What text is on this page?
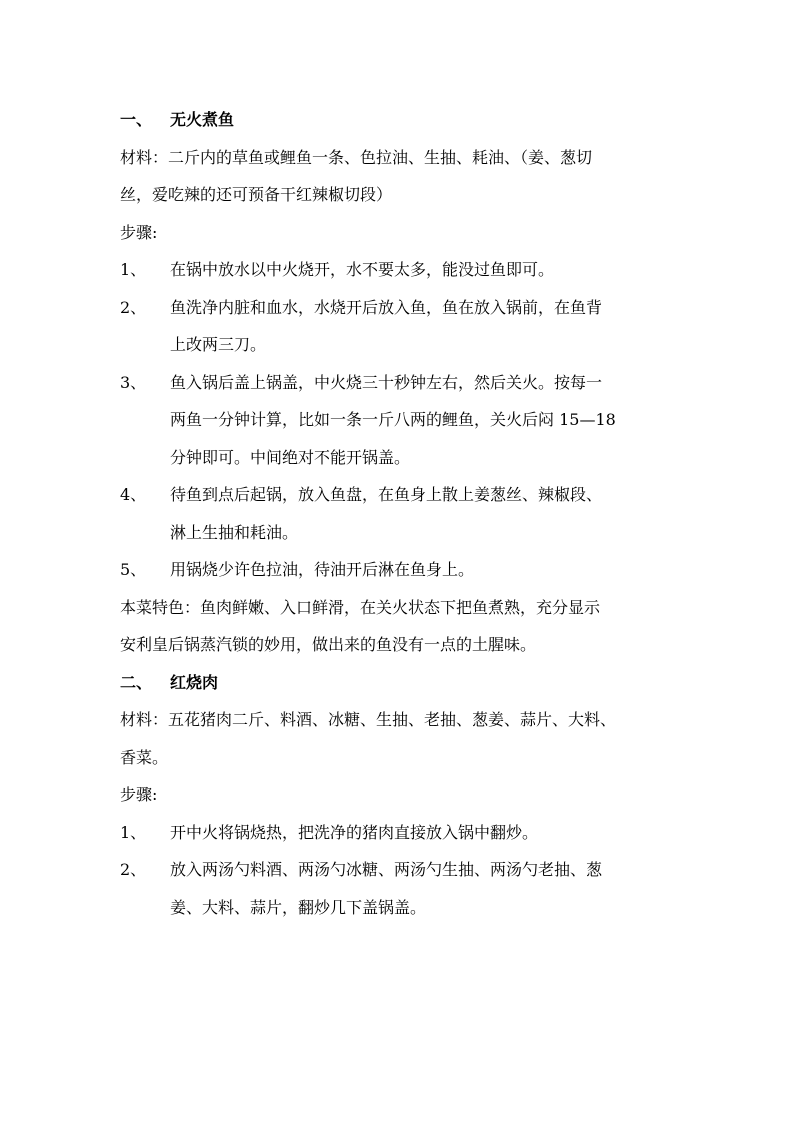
一、 无火煮鱼
材料：二斤内的草鱼或鲤鱼一条、色拉油、生抽、耗油、（姜、葱切
丝，爱吃辣的还可预备干红辣椒切段）
步骤:
1、	在锅中放水以中火烧开，水不要太多，能没过鱼即可。
2、	鱼洗净内脏和血水，水烧开后放入鱼，鱼在放入锅前，在鱼背
上改两三刀。
3、	鱼入锅后盖上锅盖，中火烧三十秒钟左右，然后关火。按每一
两鱼一分钟计算，比如一条一斤八两的鲤鱼，关火后闷 15—18
分钟即可。中间绝对不能开锅盖。
4、	待鱼到点后起锅，放入鱼盘，在鱼身上散上姜葱丝、辣椒段、
淋上生抽和耗油。
5、	用锅烧少许色拉油，待油开后淋在鱼身上。
本菜特色：鱼肉鲜嫩、入口鲜滑，在关火状态下把鱼煮熟，充分显示
安利皇后锅蒸汽锁的妙用，做出来的鱼没有一点的土腥味。
二、 红烧肉
材料：五花猪肉二斤、料酒、冰糖、生抽、老抽、葱姜、蒜片、大料、
香菜。
步骤:
1、	开中火将锅烧热，把洗净的猪肉直接放入锅中翻炒。
2、	放入两汤勺料酒、两汤勺冰糖、两汤勺生抽、两汤勺老抽、葱
姜、大料、蒜片，翻炒几下盖锅盖。
